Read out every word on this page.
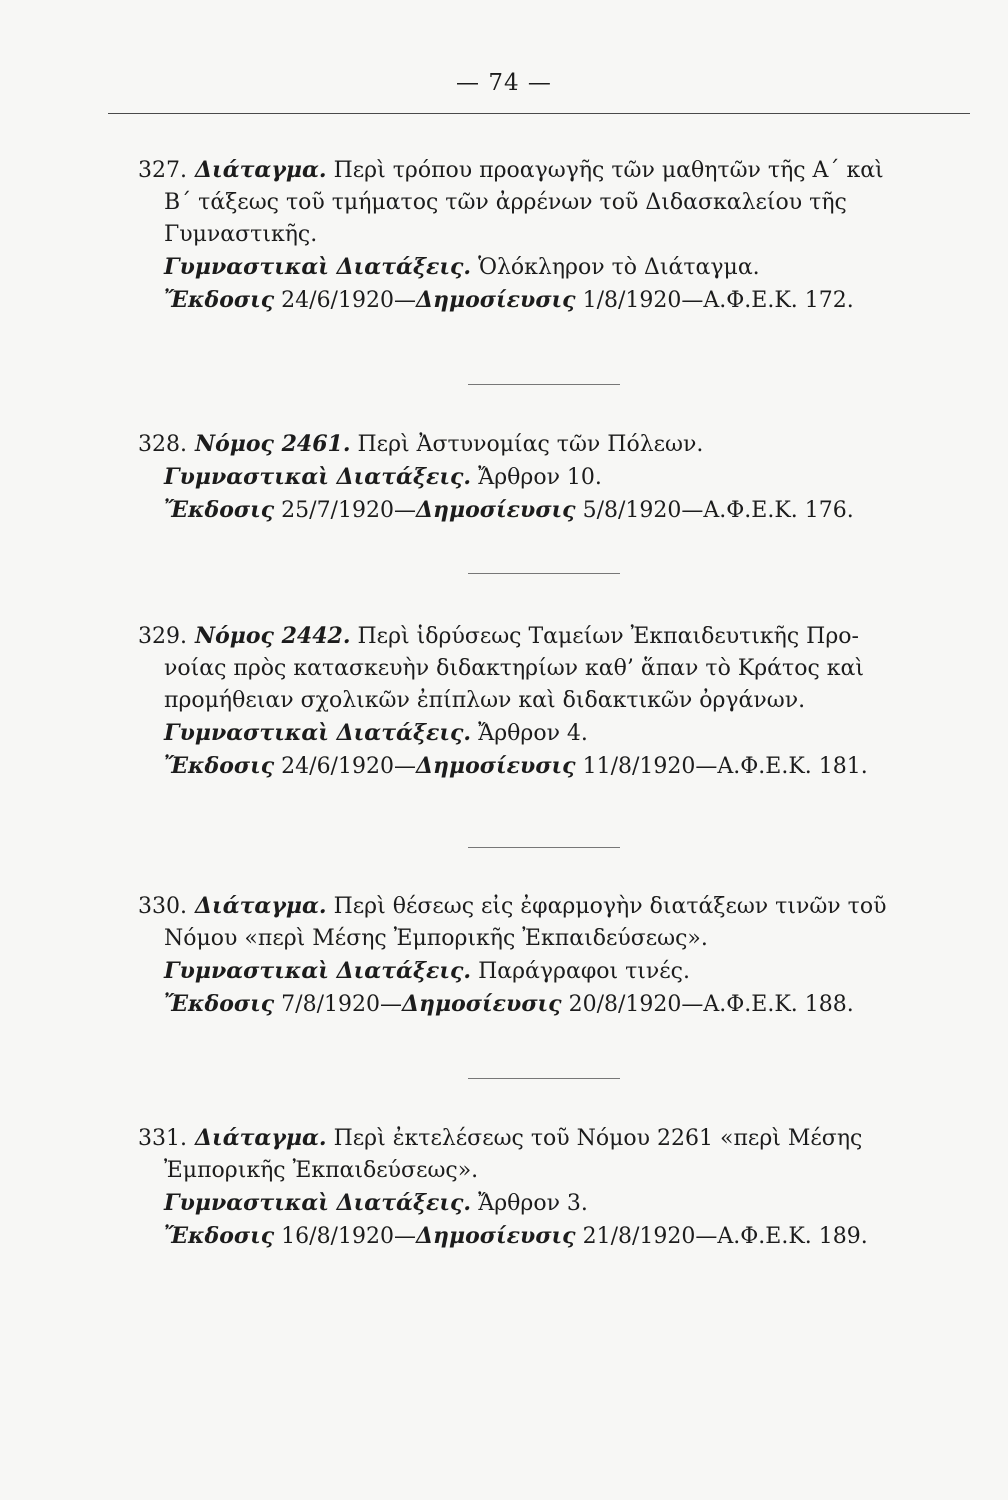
— 74 —
327. Διάταγμα. Περὶ τρόπου προαγωγῆς τῶν μαθητῶν τῆς Α΄ καὶ
Β΄ τάξεως τοῦ τμήματος τῶν ἀρρένων τοῦ Διδασκαλείου τῆς
Γυμναστικῆς.
Γυμναστικαὶ Διατάξεις. Ὁλόκληρον τὸ Διάταγμα.
Ἔκδοσις 24/6/1920—Δημοσίευσις 1/8/1920—Α.Φ.Ε.Κ. 172.
328. Νόμος 2461. Περὶ Ἀστυνομίας τῶν Πόλεων.
Γυμναστικαὶ Διατάξεις. Ἄρθρον 10.
Ἔκδοσις 25/7/1920—Δημοσίευσις 5/8/1920—Α.Φ.Ε.Κ. 176.
329. Νόμος 2442. Περὶ ἱδρύσεως Ταμείων Ἐκπαιδευτικῆς Προ-
νοίας πρὸς κατασκευὴν διδακτηρίων καθ’ ἅπαν τὸ Κράτος καὶ
προμήθειαν σχολικῶν ἐπίπλων καὶ διδακτικῶν ὀργάνων.
Γυμναστικαὶ Διατάξεις. Ἄρθρον 4.
Ἔκδοσις 24/6/1920—Δημοσίευσις 11/8/1920—Α.Φ.Ε.Κ. 181.
330. Διάταγμα. Περὶ θέσεως εἰς ἐφαρμογὴν διατάξεων τινῶν τοῦ
Νόμου «περὶ Μέσης Ἐμπορικῆς Ἐκπαιδεύσεως».
Γυμναστικαὶ Διατάξεις. Παράγραφοι τινές.
Ἔκδοσις 7/8/1920—Δημοσίευσις 20/8/1920—Α.Φ.Ε.Κ. 188.
331. Διάταγμα. Περὶ ἐκτελέσεως τοῦ Νόμου 2261 «περὶ Μέσης
Ἐμπορικῆς Ἐκπαιδεύσεως».
Γυμναστικαὶ Διατάξεις. Ἄρθρον 3.
Ἔκδοσις 16/8/1920—Δημοσίευσις 21/8/1920—Α.Φ.Ε.Κ. 189.
